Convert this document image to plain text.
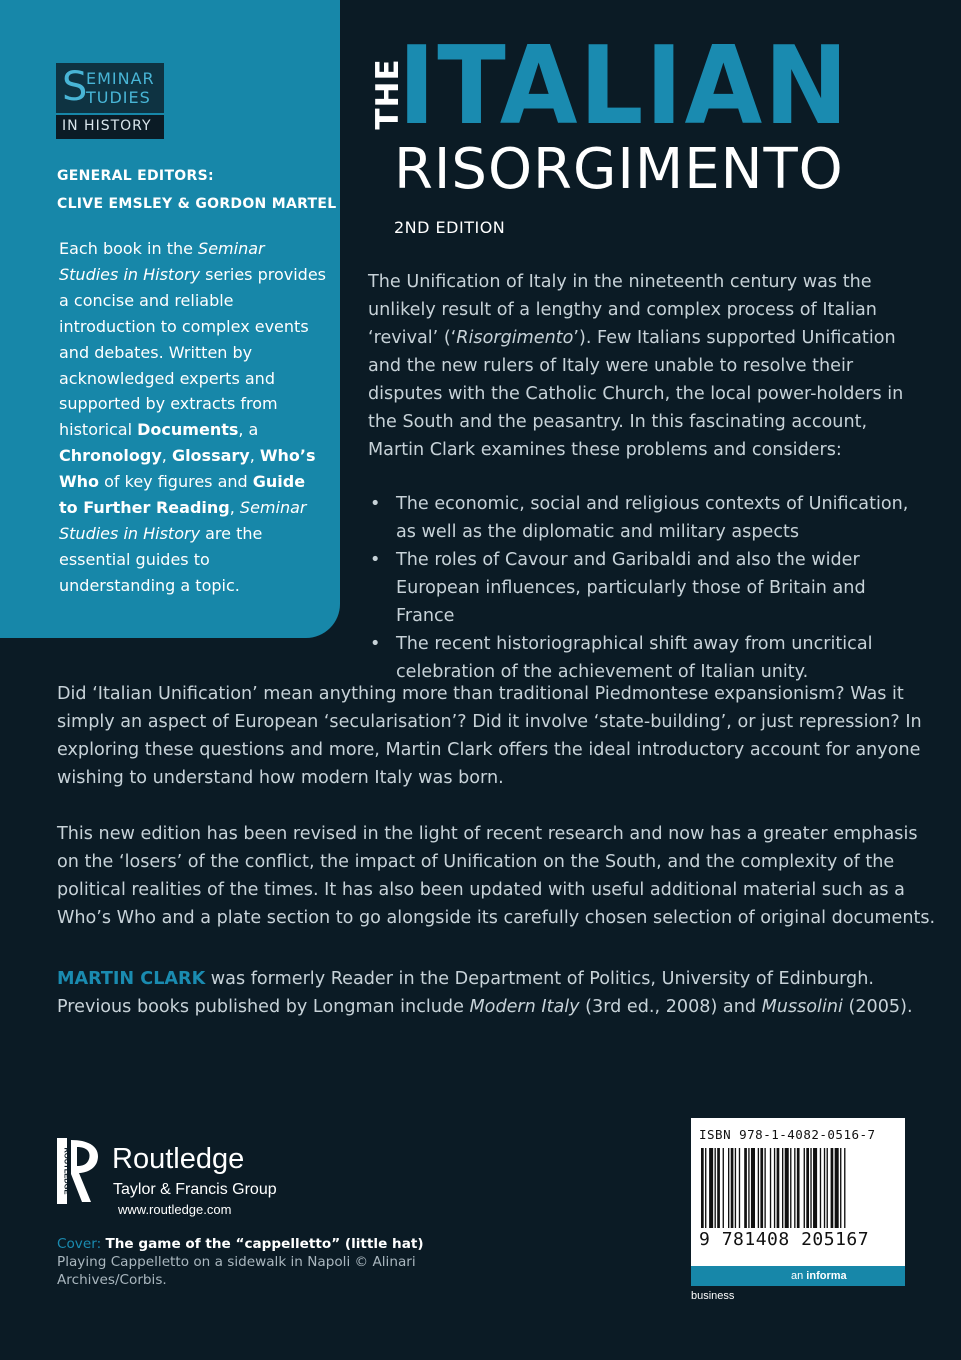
S
EMINAR
TUDIES
IN HISTORY
GENERAL EDITORS:
CLIVE EMSLEY & GORDON MARTEL
Each book in the Seminar Studies in History series provides a concise and reliable introduction to complex events and debates. Written by acknowledged experts and supported by extracts from historical Documents, a Chronology, Glossary, Who’s Who of key figures and Guide to Further Reading, Seminar Studies in History are the essential guides to understanding a topic.
THE
ITALIAN
RISORGIMENTO
2ND EDITION
The Unification of Italy in the nineteenth century was the unlikely result of a lengthy and complex process of Italian ‘revival’ (‘Risorgimento’). Few Italians supported Unification and the new rulers of Italy were unable to resolve their disputes with the Catholic Church, the local power-holders in the South and the peasantry. In this fascinating account, Martin Clark examines these problems and considers:
• The economic, social and religious contexts of Unification, as well as the diplomatic and military aspects
• The roles of Cavour and Garibaldi and also the wider European influences, particularly those of Britain and France
• The recent historiographical shift away from uncritical celebration of the achievement of Italian unity.
Did ‘Italian Unification’ mean anything more than traditional Piedmontese expansionism? Was it simply an aspect of European ‘secularisation’? Did it involve ‘state-building’, or just repression? In exploring these questions and more, Martin Clark offers the ideal introductory account for anyone wishing to understand how modern Italy was born.
This new edition has been revised in the light of recent research and now has a greater emphasis on the ‘losers’ of the conflict, the impact of Unification on the South, and the complexity of the political realities of the times. It has also been updated with useful additional material such as a Who’s Who and a plate section to go alongside its carefully chosen selection of original documents.
MARTIN CLARK was formerly Reader in the Department of Politics, University of Edinburgh. Previous books published by Longman include Modern Italy (3rd ed., 2008) and Mussolini (2005).
ROUTLEDGE Routledge
Taylor & Francis Group
www.routledge.com
Cover: The game of the “cappelletto” (little hat)
Playing Cappelletto on a sidewalk in Napoli © Alinari Archives/Corbis.
ISBN 978-1-4082-0516-7
9 781408 205167
an informa business
